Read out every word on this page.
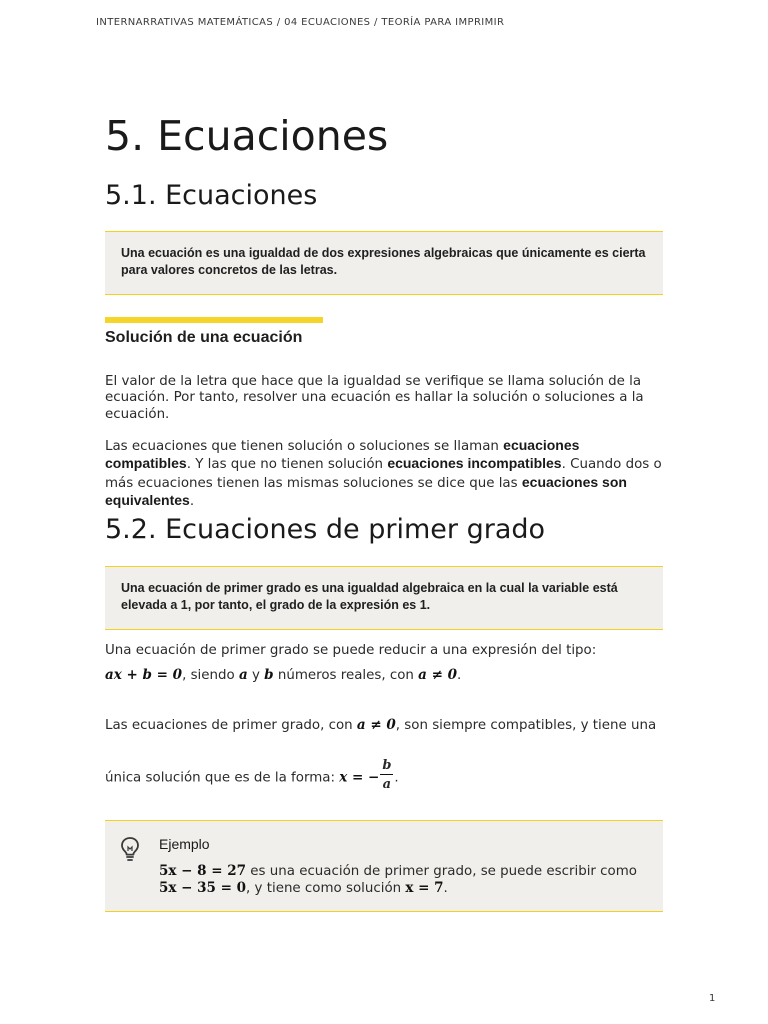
INTERNARRATIVAS MATEMÁTICAS / 04 ECUACIONES / TEORÍA PARA IMPRIMIR
5. Ecuaciones
5.1. Ecuaciones

Una ecuación es una igualdad de dos expresiones algebraicas que únicamente es cierta para valores concretos de las letras.

Solución de una ecuación

El valor de la letra que hace que la igualdad se verifique se llama solución de la ecuación. Por tanto, resolver una ecuación es hallar la solución o soluciones a la ecuación.

Las ecuaciones que tienen solución o soluciones se llaman ecuaciones compatibles. Y las que no tienen solución ecuaciones incompatibles. Cuando dos o más ecuaciones tienen las mismas soluciones se dice que las ecuaciones son equivalentes.

5.2. Ecuaciones de primer grado

Una ecuación de primer grado es una igualdad algebraica en la cual la variable está elevada a 1, por tanto, el grado de la expresión es 1.

Una ecuación de primer grado se puede reducir a una expresión del tipo:

ax + b = 0, siendo a y b números reales, con a ≠ 0.

Las ecuaciones de primer grado, con a ≠ 0, son siempre compatibles, y tiene una

única solución que es de la forma: x = − $\frac{b}{a}$ .
Ejemplo
5x − 8 = 27 es una ecuación de primer grado, se puede escribir como
5x − 35 = 0, y tiene como solución x = 7.
1
